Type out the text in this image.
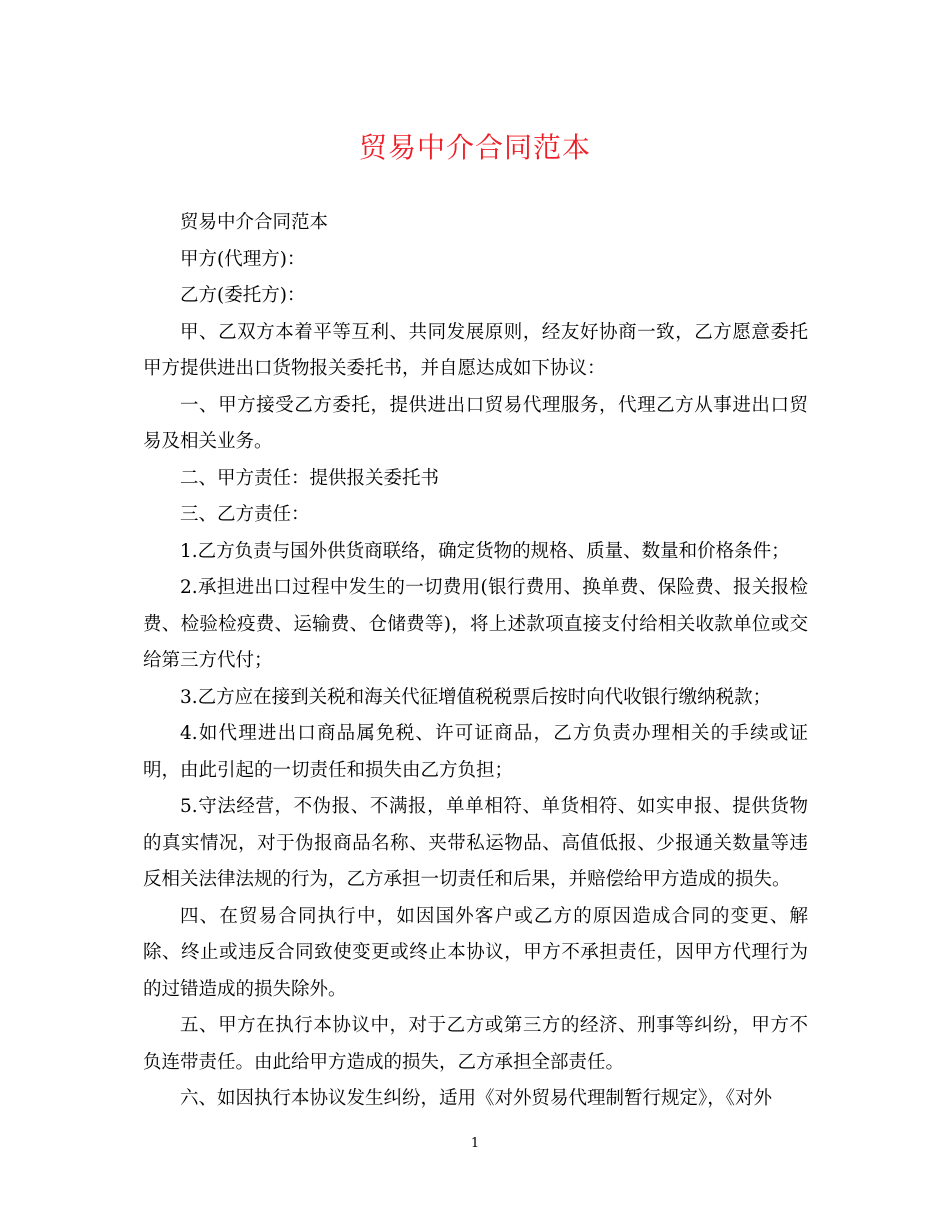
贸易中介合同范本

贸易中介合同范本

甲方(代理方)：

乙方(委托方)：

甲、乙双方本着平等互利、共同发展原则，经友好协商一致，乙方愿意委托甲方提供进出口货物报关委托书，并自愿达成如下协议：

一、甲方接受乙方委托，提供进出口贸易代理服务，代理乙方从事进出口贸易及相关业务。

二、甲方责任：提供报关委托书

三、乙方责任：

1.乙方负责与国外供货商联络，确定货物的规格、质量、数量和价格条件；

2.承担进出口过程中发生的一切费用(银行费用、换单费、保险费、报关报检费、检验检疫费、运输费、仓储费等)，将上述款项直接支付给相关收款单位或交给第三方代付；

3.乙方应在接到关税和海关代征增值税税票后按时向代收银行缴纳税款；

4.如代理进出口商品属免税、许可证商品，乙方负责办理相关的手续或证明，由此引起的一切责任和损失由乙方负担；

5.守法经营，不伪报、不满报，单单相符、单货相符、如实申报、提供货物的真实情况，对于伪报商品名称、夹带私运物品、高值低报、少报通关数量等违反相关法律法规的行为，乙方承担一切责任和后果，并赔偿给甲方造成的损失。

四、在贸易合同执行中，如因国外客户或乙方的原因造成合同的变更、解除、终止或违反合同致使变更或终止本协议，甲方不承担责任，因甲方代理行为的过错造成的损失除外。

五、甲方在执行本协议中，对于乙方或第三方的经济、刑事等纠纷，甲方不负连带责任。由此给甲方造成的损失，乙方承担全部责任。

六、如因执行本协议发生纠纷，适用《对外贸易代理制暂行规定》，《对外

1
